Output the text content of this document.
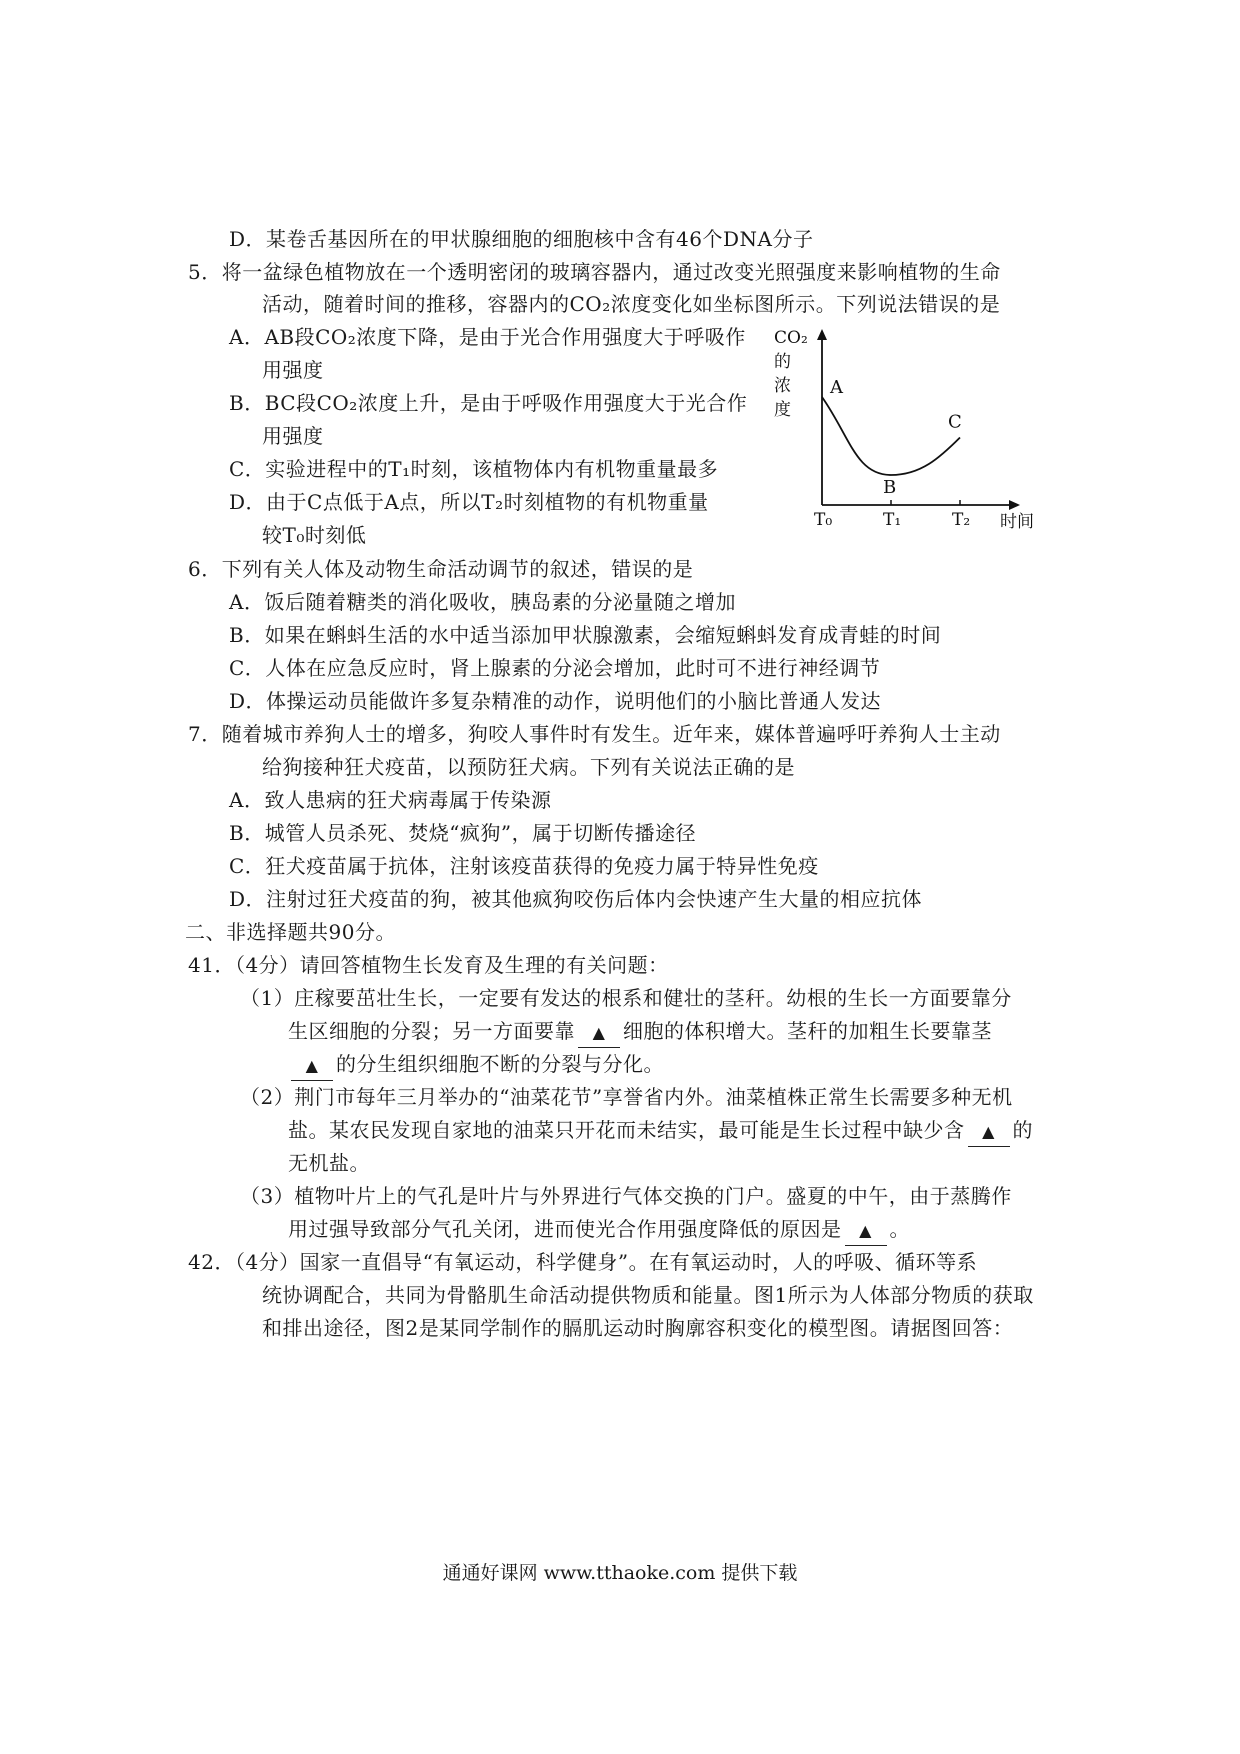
D．某卷舌基因所在的甲状腺细胞的细胞核中含有46个DNA分子
5．将一盆绿色植物放在一个透明密闭的玻璃容器内，通过改变光照强度来影响植物的生命
活动，随着时间的推移，容器内的CO₂浓度变化如坐标图所示。下列说法错误的是
A．AB段CO₂浓度下降，是由于光合作用强度大于呼吸作
用强度
B．BC段CO₂浓度上升，是由于呼吸作用强度大于光合作
用强度
C．实验进程中的T₁时刻，该植物体内有机物重量最多
D．由于C点低于A点，所以T₂时刻植物的有机物重量
较T₀时刻低
CO₂
的
浓
度
T₀	T₁	T₂
A
B
C
时间
6．下列有关人体及动物生命活动调节的叙述，错误的是
A．饭后随着糖类的消化吸收，胰岛素的分泌量随之增加
B．如果在蝌蚪生活的水中适当添加甲状腺激素，会缩短蝌蚪发育成青蛙的时间
C．人体在应急反应时，肾上腺素的分泌会增加，此时可不进行神经调节
D．体操运动员能做许多复杂精准的动作，说明他们的小脑比普通人发达
7．随着城市养狗人士的增多，狗咬人事件时有发生。近年来，媒体普遍呼吁养狗人士主动
给狗接种狂犬疫苗，以预防狂犬病。下列有关说法正确的是
A．致人患病的狂犬病毒属于传染源
B．城管人员杀死、焚烧“疯狗”，属于切断传播途径
C．狂犬疫苗属于抗体，注射该疫苗获得的免疫力属于特异性免疫
D．注射过狂犬疫苗的狗，被其他疯狗咬伤后体内会快速产生大量的相应抗体
二、非选择题共90分。
41．（4分）请回答植物生长发育及生理的有关问题：
（1）庄稼要茁壮生长，一定要有发达的根系和健壮的茎秆。幼根的生长一方面要靠分
生区细胞的分裂；另一方面要靠 ▲ 细胞的体积增大。茎秆的加粗生长要靠茎
▲ 的分生组织细胞不断的分裂与分化。
（2）荆门市每年三月举办的“油菜花节”享誉省内外。油菜植株正常生长需要多种无机
盐。某农民发现自家地的油菜只开花而未结实，最可能是生长过程中缺少含 ▲ 的
无机盐。
（3）植物叶片上的气孔是叶片与外界进行气体交换的门户。盛夏的中午，由于蒸腾作
用过强导致部分气孔关闭，进而使光合作用强度降低的原因是 ▲ 。
42．（4分）国家一直倡导“有氧运动，科学健身”。在有氧运动时，人的呼吸、循环等系
统协调配合，共同为骨骼肌生命活动提供物质和能量。图1所示为人体部分物质的获取
和排出途径，图2是某同学制作的膈肌运动时胸廓容积变化的模型图。请据图回答：
通通好课网 www.tthaoke.com 提供下载
